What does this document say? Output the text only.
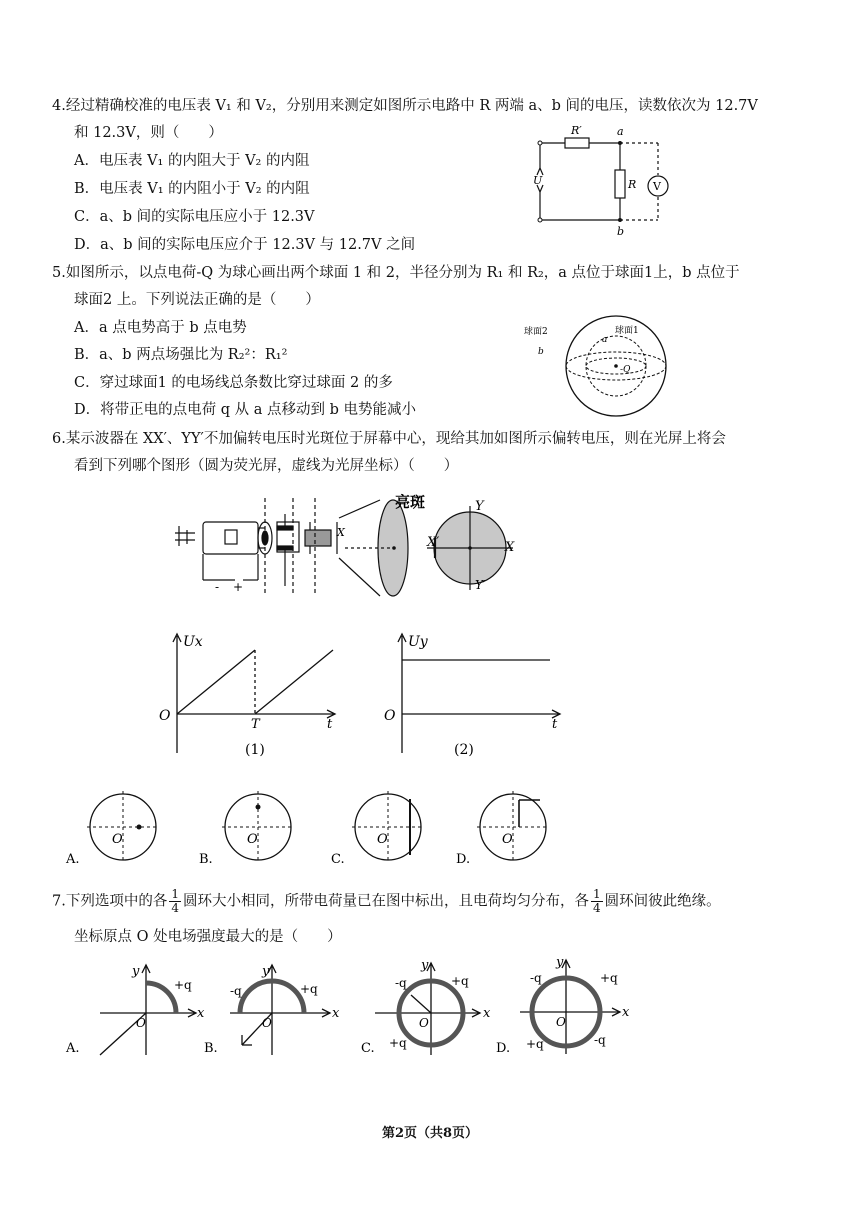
4.经过精确校准的电压表 V₁ 和 V₂，分别用来测定如图所示电路中 R 两端 a、b 间的电压，读数依次为 12.7V
和 12.3V，则（　　）
A．电压表 V₁ 的内阻大于 V₂ 的内阻
B．电压表 V₁ 的内阻小于 V₂ 的内阻
C．a、b 间的实际电压应小于 12.3V
D．a、b 间的实际电压应介于 12.3V 与 12.7V 之间
R′	a
U	R V
b
5.如图所示，以点电荷-Q 为球心画出两个球面 1 和 2，半径分别为 R₁ 和 R₂，a 点位于球面1上，b 点位于
球面2 上。下列说法正确的是（　　）
A．a 点电势高于 b 点电势
B．a、b 两点场强比为 R₂²：R₁²
C．穿过球面1 的电场线总条数比穿过球面 2 的多
D．将带正电的点电荷 q 从 a 点移动到 b 电势能减小
球面2	球面1
a
b
-Q
6.某示波器在 XX′、YY′不加偏转电压时光斑位于屏幕中心，现给其加如图所示偏转电压，则在光屏上将会
看到下列哪个图形（圆为荧光屏，虚线为光屏坐标）（　　）
亮斑	Y
X
X′
Y′
X
- +
Ux
O
T	t
(1)
Uy
O
t
(2)
O
A.
O
B.
O
C.
O
D.
7.下列选项中的各 $\frac{1}{4}$ 圆环大小相同，所带电荷量已在图中标出，且电荷均匀分布，各 $\frac{1}{4}$ 圆环间彼此绝缘。
坐标原点 O 处电场强度最大的是（　　）
y
x
O
+q
A.
y
x
O
-q	+q
B.
y
x
O
-q	+q
+q
C.
y
x
O
-q	+q
+q	-q
D.
第2页（共8页）
